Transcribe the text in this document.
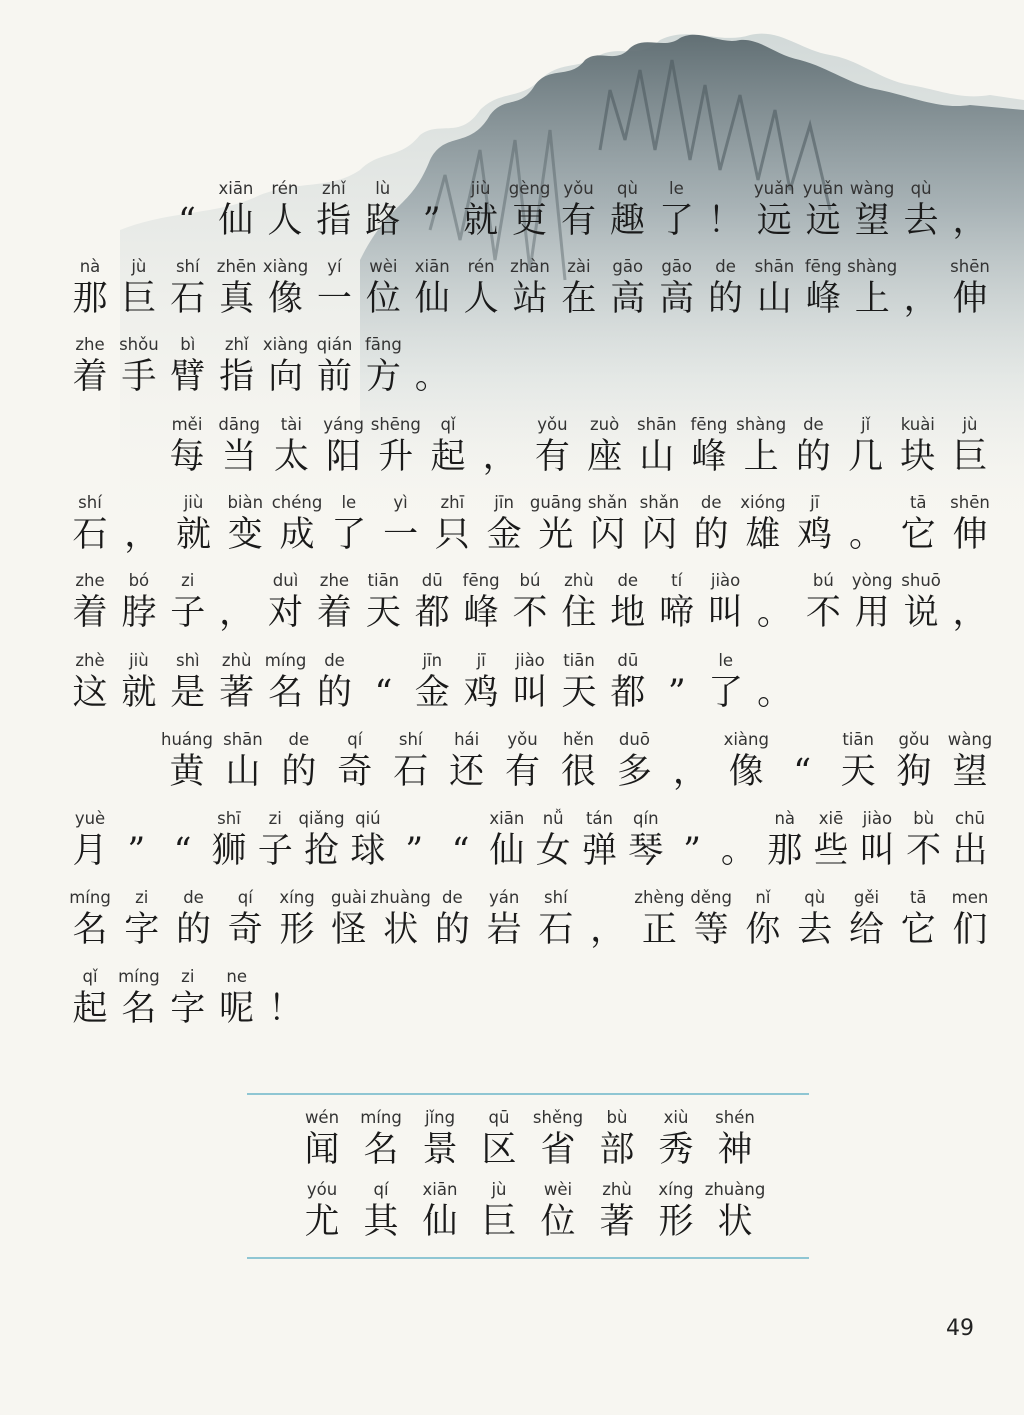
“
xiān
仙
rén
人
zhǐ
指
lù
路 ”
jiù
就
gèng
更
yǒu
有
qù
趣
le
了 ！
yuǎn
远
yuǎn
远
wàng
望
qù
去 ，
nà
那
jù
巨
shí
石
zhēn
真
xiàng
像
yí
一
wèi
位
xiān
仙
rén
人
zhàn
站
zài
在
gāo
高
gāo
高
de
的
shān
山
fēng
峰
shàng
上 ，
shēn
伸
zhe
着
shǒu
手
bì
臂
zhǐ
指
xiàng
向
qián
前
fāng
方 。
měi
每
dāng
当
tài
太
yáng
阳
shēng
升
qǐ
起 ，
yǒu
有
zuò
座
shān
山
fēng
峰
shàng
上
de
的
jǐ
几
kuài
块
jù
巨
shí
石 ，
jiù
就
biàn
变
chéng
成
le
了
yì
一
zhī
只
jīn
金
guāng
光
shǎn
闪
shǎn
闪
de
的
xióng
雄
jī
鸡 。
tā
它
shēn
伸
zhe
着
bó
脖
zi
子 ，
duì
对
zhe
着
tiān
天
dū
都
fēng
峰
bú
不
zhù
住
de
地
tí
啼
jiào
叫 。
bú
不
yòng
用
shuō
说 ，
zhè
这
jiù
就
shì
是
zhù
著
míng
名
de
的 “
jīn
金
jī
鸡
jiào
叫
tiān
天
dū
都 ”
le
了 。
huáng
黄
shān
山
de
的
qí
奇
shí
石
hái
还
yǒu
有
hěn
很
duō
多 ，
xiàng
像 “
tiān
天
gǒu
狗
wàng
望
yuè
月 ” “
shī
狮
zi
子
qiǎng
抢
qiú
球 ” “
xiān
仙
nǚ
女
tán
弹
qín
琴 ” 。
nà
那
xiē
些
jiào
叫
bù
不
chū
出
míng
名
zi
字
de
的
qí
奇
xíng
形
guài
怪
zhuàng
状
de
的
yán
岩
shí
石 ，
zhèng
正
děng
等
nǐ
你
qù
去
gěi
给
tā
它
men
们
qǐ
起
míng
名
zi
字
ne
呢 ！
wén
闻
míng
名
jǐng
景
qū
区
shěng
省
bù
部
xiù
秀
shén
神
yóu
尤
qí
其
xiān
仙
jù
巨
wèi
位
zhù
著
xíng
形
zhuàng
状
49
